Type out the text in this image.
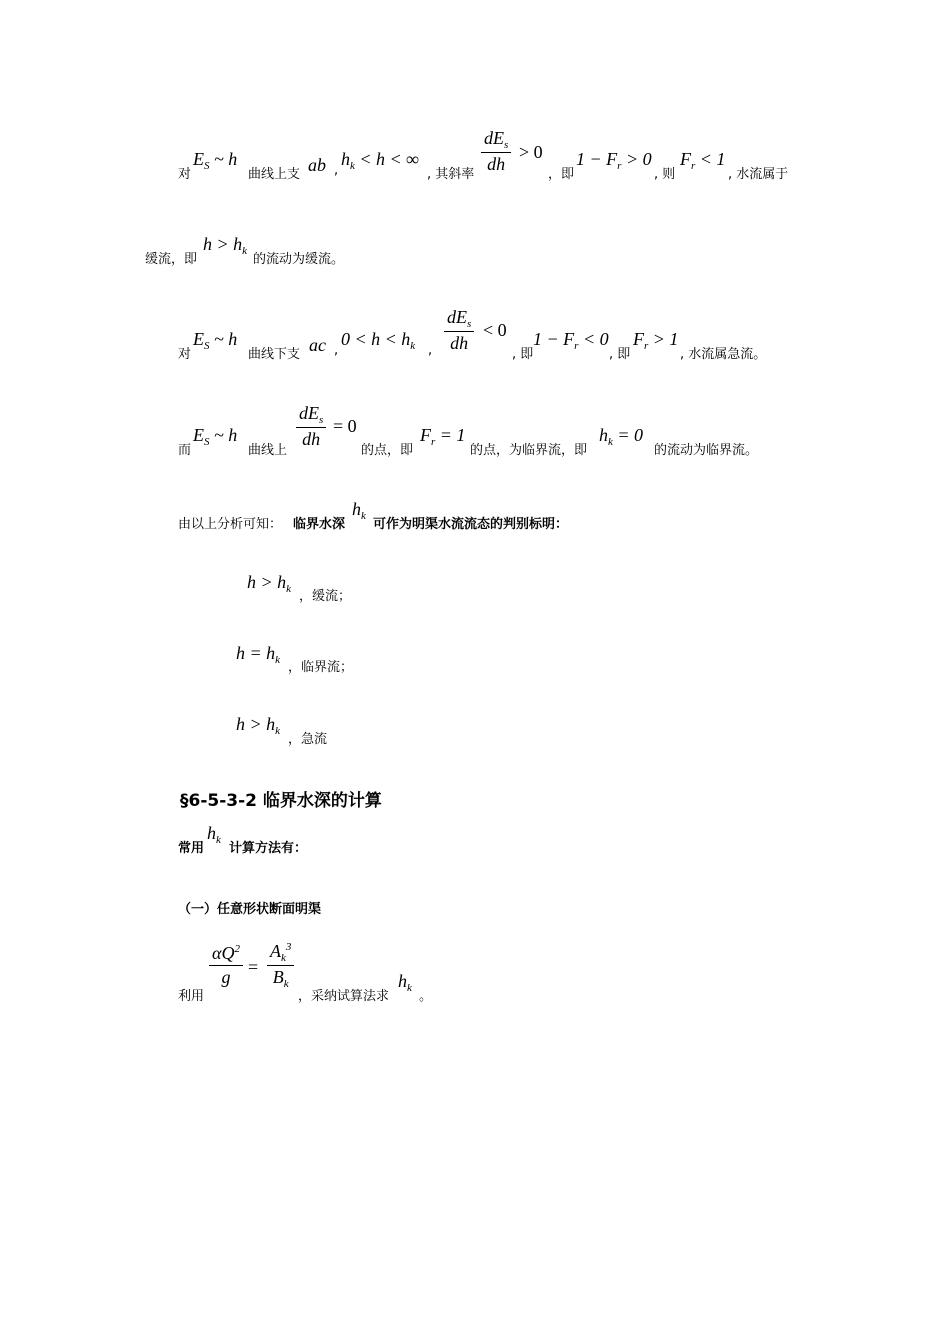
对
$E_S$ ~ h
曲线上支 ab ,
$h_k < h$ < ∞
, 其斜率
$dE_s$
dh
> 0
，即
$1 - F_r > 0$
, 则
$F_r < 1$
, 水流属于
缓流，即
$h > h_k$
的流动为缓流。
对
$E_S$ ~ h
曲线下支 ac ,
$0 < h < h_k$ ,
$dE_s$
dh
< 0
, 即
$1 - F_r < 0$
, 即
$F_r > 1$
, 水流属急流。
而
$E_S$ ~ h
曲线上
$dE_s$
dh
= 0
的点，即
$F_r = 1$
的点，为临界流，即
$h_k = 0$
的流动为临界流。
由以上分析可知： 临界水深
$h_k$
可作为明渠水流流态的判别标明：
$h > h_k$ ，缓流；
$h = h_k$ ，临界流；
$h > h_k$
，急流
§6-5-3-2 临界水深的计算
常用
$h_k$
计算方法有：
（一）任意形状断面明渠
利用
$\alpha Q^2$
g =
$A_k^3$
$B_k$
，采纳试算法求
$h_k$
。
